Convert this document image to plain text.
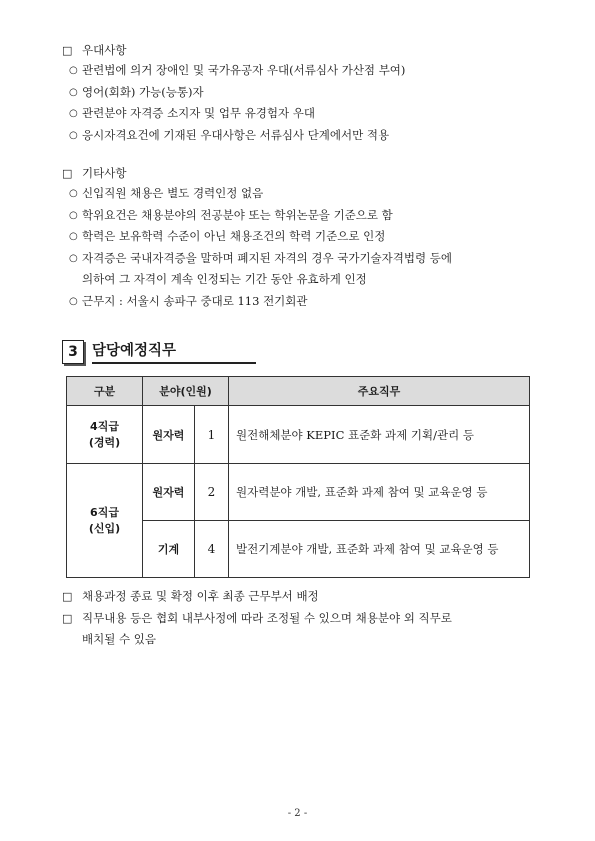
□ 우대사항
○ 관련법에 의거 장애인 및 국가유공자 우대(서류심사 가산점 부여)
○ 영어(회화) 가능(능통)자
○ 관련분야 자격증 소지자 및 업무 유경험자 우대
○ 응시자격요건에 기재된 우대사항은 서류심사 단계에서만 적용
□ 기타사항
○ 신입직원 채용은 별도 경력인정 없음
○ 학위요건은 채용분야의 전공분야 또는 학위논문을 기준으로 함
○ 학력은 보유학력 수준이 아닌 채용조건의 학력 기준으로 인정
○ 자격증은 국내자격증을 말하며 폐지된 자격의 경우 국가기술자격법령 등에
의하여 그 자격이 계속 인정되는 기간 동안 유효하게 인정
○ 근무지 : 서울시 송파구 중대로 113 전기회관
3 담당예정직무
구분	분야(인원)		주요직무

4직급
(경력)	원자력	1	원전해체분야 KEPIC 표준화 과제 기획/관리 등

6직급
(신입)	원자력	2	원자력분야 개발, 표준화 과제 참여 및 교육운영 등
	기계	4	발전기계분야 개발, 표준화 과제 참여 및 교육운영 등
□ 채용과정 종료 및 확정 이후 최종 근무부서 배정
□ 직무내용 등은 협회 내부사정에 따라 조정될 수 있으며 채용분야 외 직무로
배치될 수 있음
- 2 -
